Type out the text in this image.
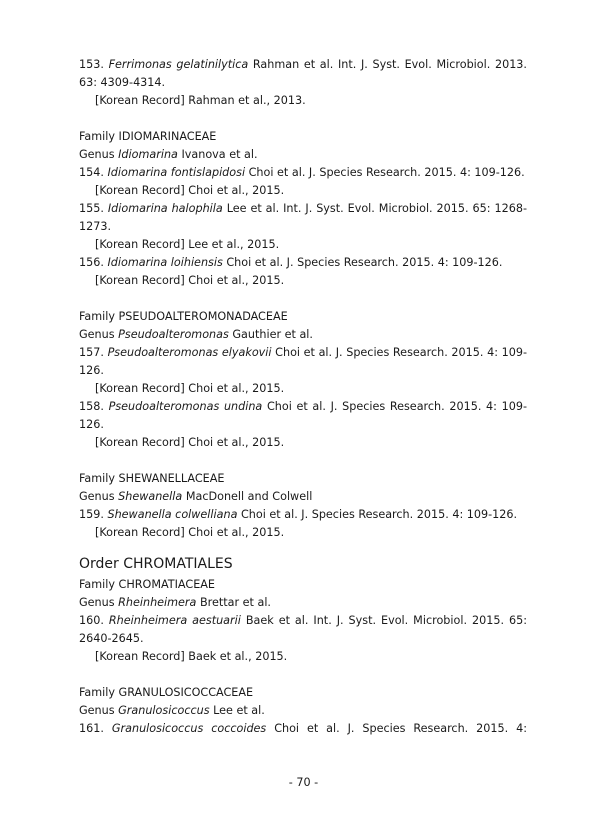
153. Ferrimonas gelatinilytica Rahman et al. Int. J. Syst. Evol. Microbiol. 2013. 63: 4309-4314.
[Korean Record] Rahman et al., 2013.
Family IDIOMARINACEAE
Genus Idiomarina Ivanova et al.
154. Idiomarina fontislapidosi Choi et al. J. Species Research. 2015. 4: 109-126.
[Korean Record] Choi et al., 2015.
155. Idiomarina halophila Lee et al. Int. J. Syst. Evol. Microbiol. 2015. 65: 1268-1273.
[Korean Record] Lee et al., 2015.
156. Idiomarina loihiensis Choi et al. J. Species Research. 2015. 4: 109-126.
[Korean Record] Choi et al., 2015.
Family PSEUDOALTEROMONADACEAE
Genus Pseudoalteromonas Gauthier et al.
157. Pseudoalteromonas elyakovii Choi et al. J. Species Research. 2015. 4: 109-126.
[Korean Record] Choi et al., 2015.
158. Pseudoalteromonas undina Choi et al. J. Species Research. 2015. 4: 109-126.
[Korean Record] Choi et al., 2015.
Family SHEWANELLACEAE
Genus Shewanella MacDonell and Colwell
159. Shewanella colwelliana Choi et al. J. Species Research. 2015. 4: 109-126.
[Korean Record] Choi et al., 2015.
Order CHROMATIALES
Family CHROMATIACEAE
Genus Rheinheimera Brettar et al.
160. Rheinheimera aestuarii Baek et al. Int. J. Syst. Evol. Microbiol. 2015. 65: 2640-2645.
[Korean Record] Baek et al., 2015.
Family GRANULOSICOCCACEAE
Genus Granulosicoccus Lee et al.
161. Granulosicoccus coccoides Choi et al. J. Species Research. 2015. 4:
- 70 -
